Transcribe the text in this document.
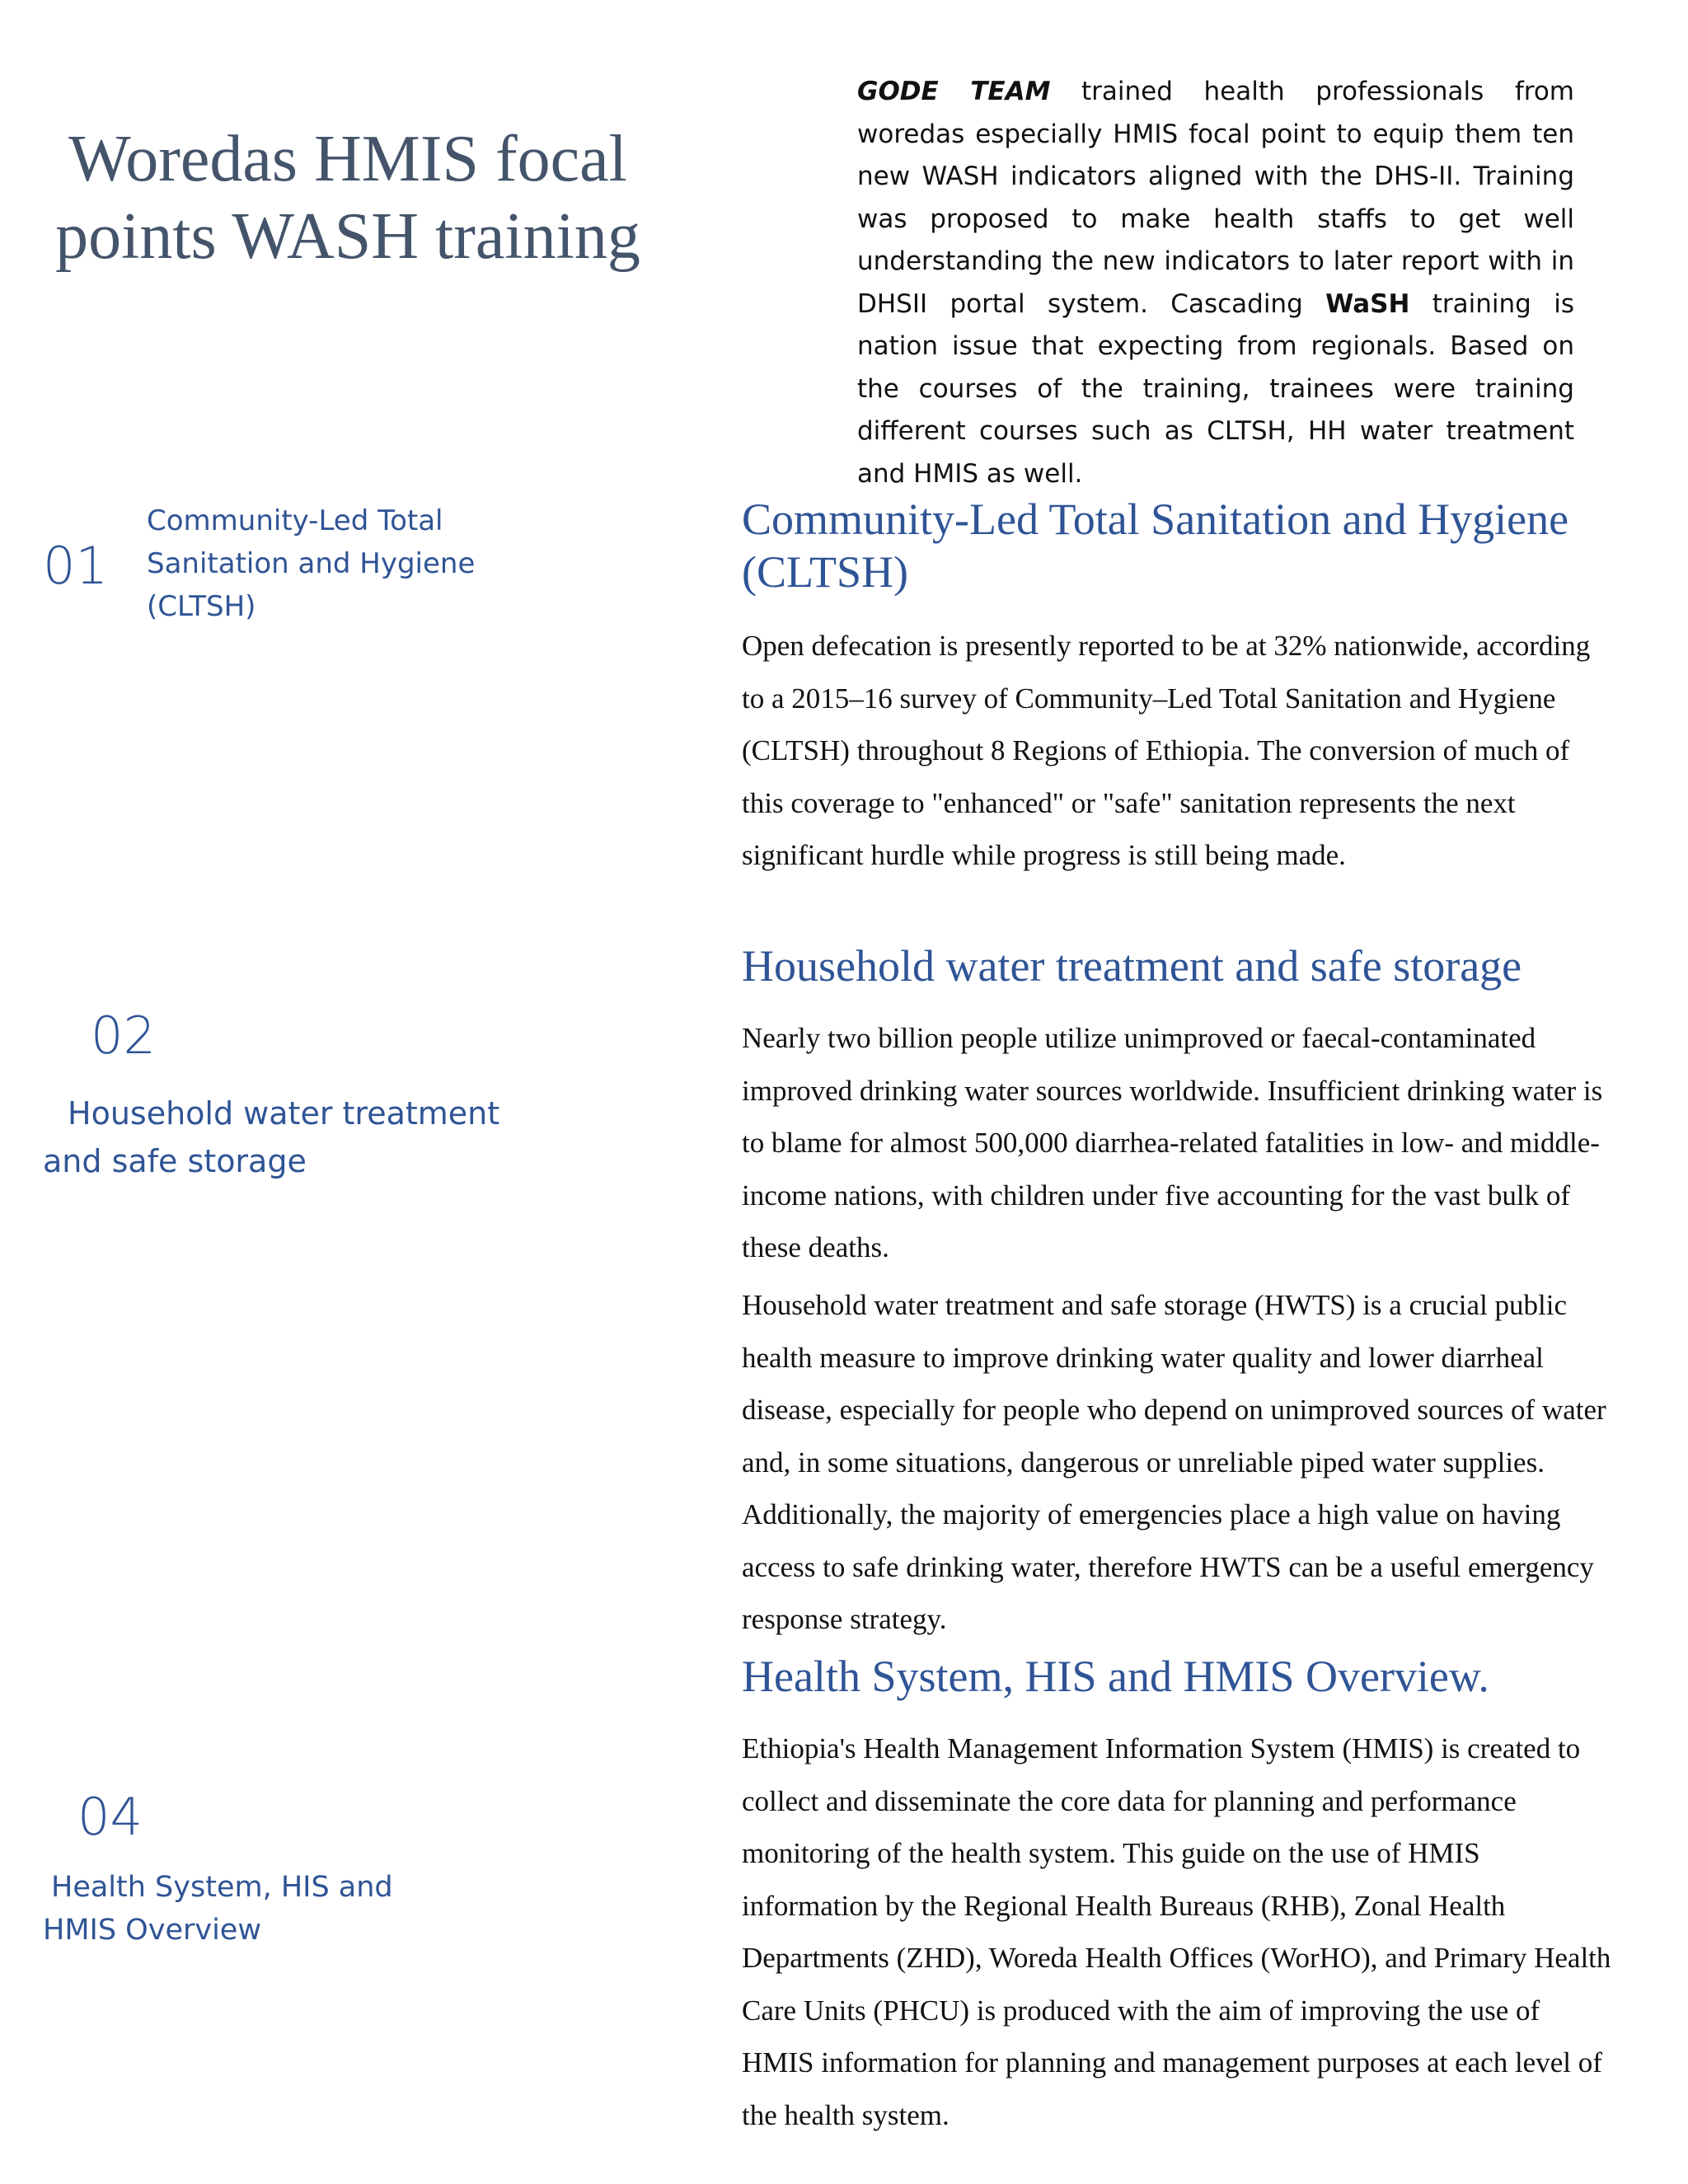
Woredas HMIS focal
points WASH training

GODE TEAM trained health professionals from woredas especially HMIS focal point to equip them ten new WASH indicators aligned with the DHS-II. Training was proposed to make health staffs to get well understanding the new indicators to later report with in DHSII portal system. Cascading WaSH training is nation issue that expecting from regionals. Based on the courses of the training, trainees were training different courses such as CLTSH, HH water treatment and HMIS as well.

01
Community-Led Total Sanitation and Hygiene (CLTSH)
02
Household water treatment and safe storage
04
Health System, HIS and HMIS Overview
Community-Led Total Sanitation and Hygiene (CLTSH)

Open defecation is presently reported to be at 32% nationwide, according to a 2015–16 survey of Community–Led Total Sanitation and Hygiene (CLTSH) throughout 8 Regions of Ethiopia. The conversion of much of this coverage to "enhanced" or "safe" sanitation represents the next significant hurdle while progress is still being made.

Household water treatment and safe storage

Nearly two billion people utilize unimproved or faecal-contaminated improved drinking water sources worldwide. Insufficient drinking water is to blame for almost 500,000 diarrhea-related fatalities in low- and middle-income nations, with children under five accounting for the vast bulk of these deaths.

Household water treatment and safe storage (HWTS) is a crucial public health measure to improve drinking water quality and lower diarrheal disease, especially for people who depend on unimproved sources of water and, in some situations, dangerous or unreliable piped water supplies. Additionally, the majority of emergencies place a high value on having access to safe drinking water, therefore HWTS can be a useful emergency response strategy.

Health System, HIS and HMIS Overview.

Ethiopia's Health Management Information System (HMIS) is created to collect and disseminate the core data for planning and performance monitoring of the health system. This guide on the use of HMIS information by the Regional Health Bureaus (RHB), Zonal Health Departments (ZHD), Woreda Health Offices (WorHO), and Primary Health Care Units (PHCU) is produced with the aim of improving the use of HMIS information for planning and management purposes at each level of the health system.
